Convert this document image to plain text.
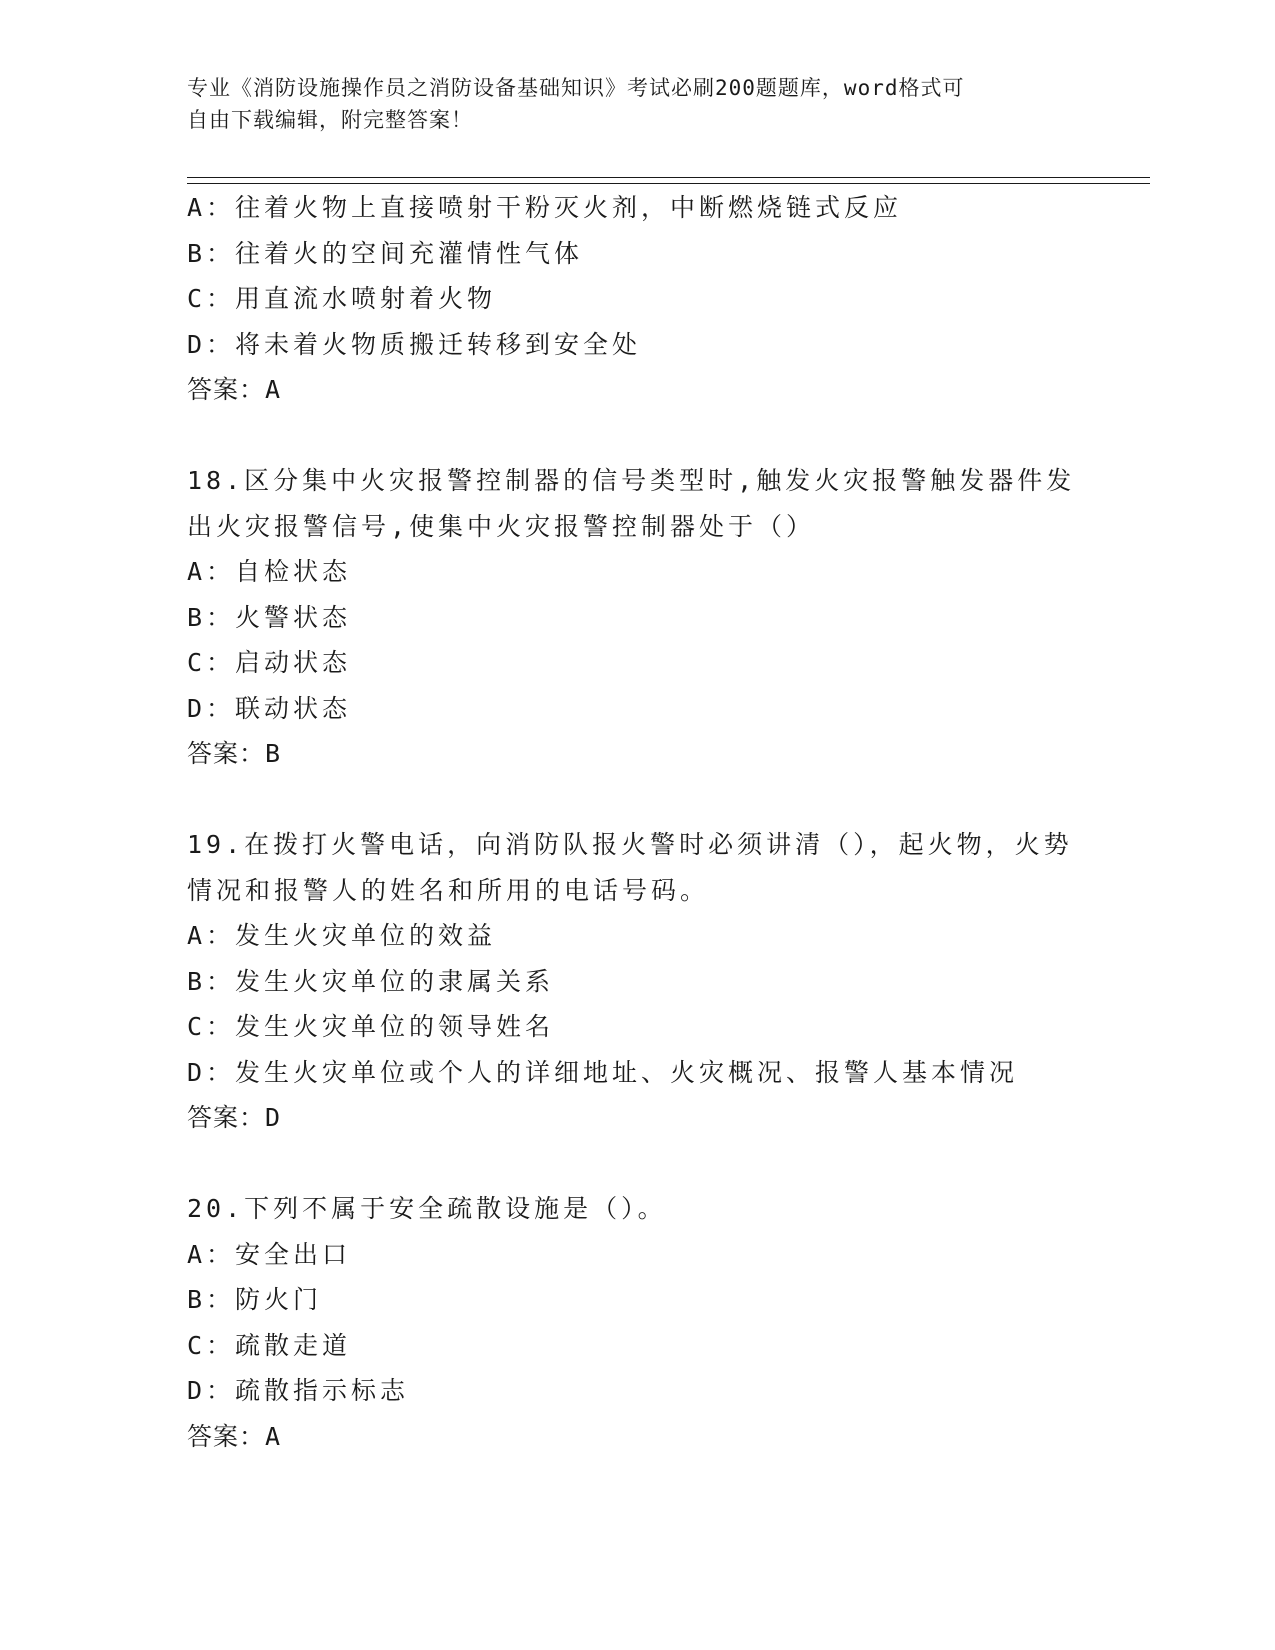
专业《消防设施操作员之消防设备基础知识》考试必刷200题题库，word格式可
自由下载编辑，附完整答案！
A：往着火物上直接喷射干粉灭火剂，中断燃烧链式反应
B：往着火的空间充灌情性气体
C：用直流水喷射着火物
D：将未着火物质搬迁转移到安全处
答案：A
18.区分集中火灾报警控制器的信号类型时,触发火灾报警触发器件发
出火灾报警信号,使集中火灾报警控制器处于（）
A：自检状态
B：火警状态
C：启动状态
D：联动状态
答案：B
19.在拨打火警电话，向消防队报火警时必须讲清（），起火物，火势
情况和报警人的姓名和所用的电话号码。
A：发生火灾单位的效益
B：发生火灾单位的隶属关系
C：发生火灾单位的领导姓名
D：发生火灾单位或个人的详细地址、火灾概况、报警人基本情况
答案：D
20.下列不属于安全疏散设施是（）。
A：安全出口
B：防火门
C：疏散走道
D：疏散指示标志
答案：A
